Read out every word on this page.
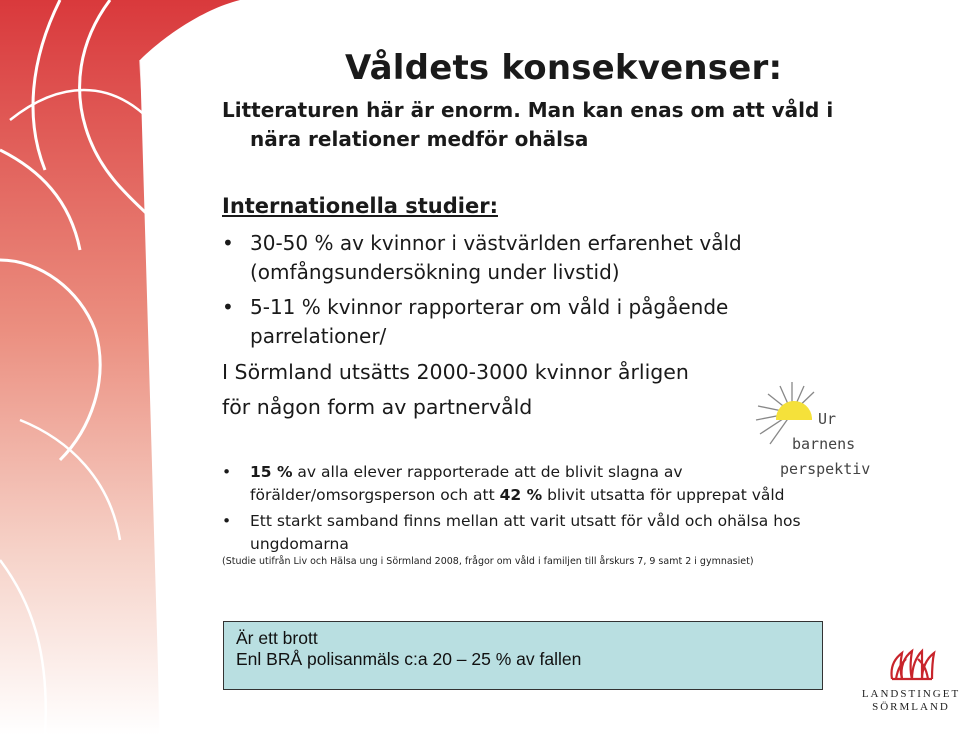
Våldets konsekvenser:
Litteraturen här är enorm. Man kan enas om att våld i
nära relationer medför ohälsa
Internationella studier:
• 30-50 % av kvinnor i västvärlden erfarenhet våld
(omfångsundersökning under livstid)
• 5-11 % kvinnor rapporterar om våld i pågående
parrelationer/
I Sörmland utsätts 2000-3000 kvinnor årligen
för någon form av partnervåld	Ur
barnens
perspektiv
•	15 % av alla elever rapporterade att de blivit slagna av
förälder/omsorgsperson och att 42 % blivit utsatta för upprepat våld
•	Ett starkt samband finns mellan att varit utsatt för våld och ohälsa hos
ungdomarna
(Studie utifrån Liv och Hälsa ung i Sörmland 2008, frågor om våld i familjen till årskurs 7, 9 samt 2 i gymnasiet)
Är ett brott
Enl BRÅ polisanmäls c:a 20 – 25 % av fallen
LANDSTINGET
SÖRMLAND
